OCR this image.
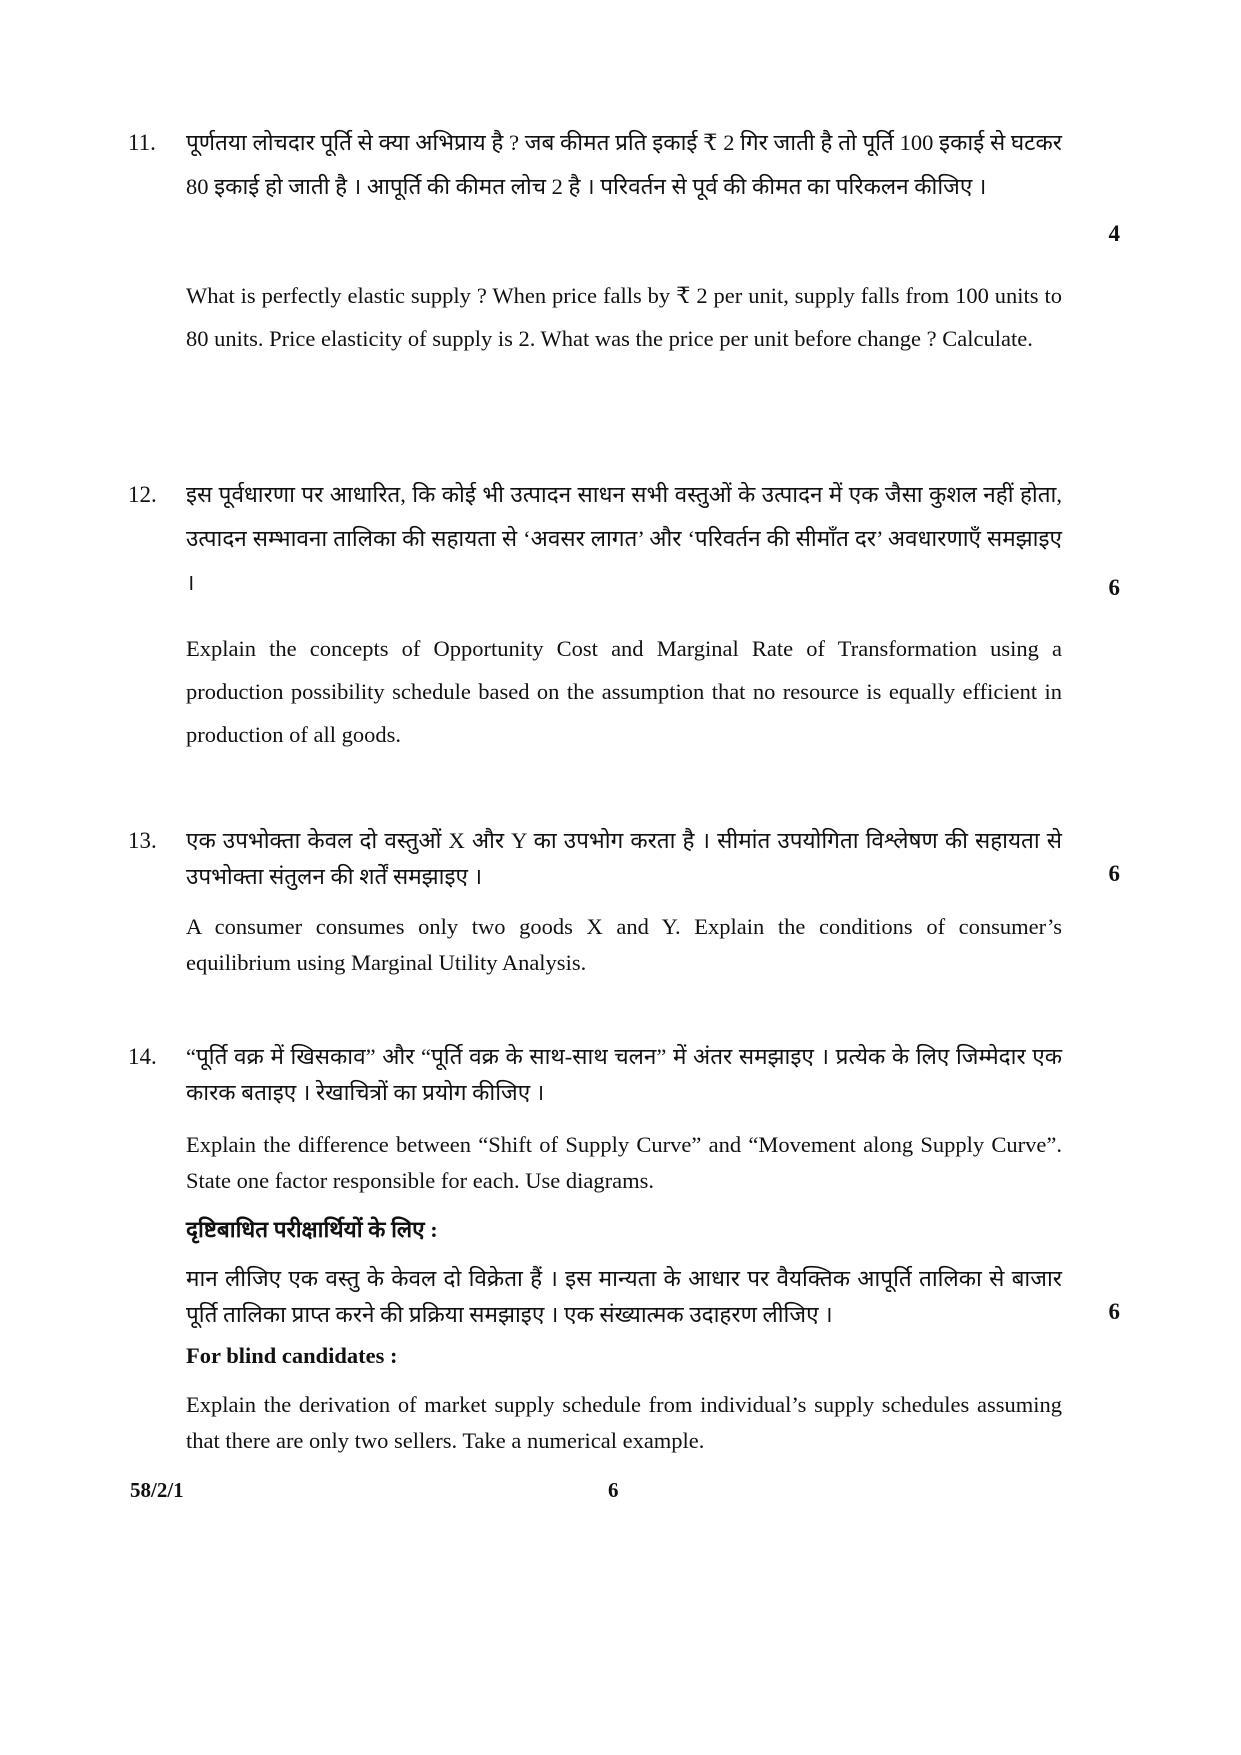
11. पूर्णतया लोचदार पूर्ति से क्या अभिप्राय है ? जब कीमत प्रति इकाई ₹ 2 गिर जाती है तो पूर्ति 100 इकाई से घटकर 80 इकाई हो जाती है । आपूर्ति की कीमत लोच 2 है । परिवर्तन से पूर्व की कीमत का परिकलन कीजिए ।
4
What is perfectly elastic supply ? When price falls by ₹ 2 per unit, supply falls from 100 units to 80 units. Price elasticity of supply is 2. What was the price per unit before change ? Calculate.
12. इस पूर्वधारणा पर आधारित, कि कोई भी उत्पादन साधन सभी वस्तुओं के उत्पादन में एक जैसा कुशल नहीं होता, उत्पादन सम्भावना तालिका की सहायता से ‘अवसर लागत’ और ‘परिवर्तन की सीमाँत दर’ अवधारणाएँ समझाइए ।	6
Explain the concepts of Opportunity Cost and Marginal Rate of Transformation using a production possibility schedule based on the assumption that no resource is equally efficient in production of all goods.
13. एक उपभोक्ता केवल दो वस्तुओं X और Y का उपभोग करता है । सीमांत उपयोगिता विश्लेषण की सहायता से उपभोक्ता संतुलन की शर्तें समझाइए ।	6
A consumer consumes only two goods X and Y. Explain the conditions of consumer’s equilibrium using Marginal Utility Analysis.
14. “पूर्ति वक्र में खिसकाव” और “पूर्ति वक्र के साथ-साथ चलन” में अंतर समझाइए । प्रत्येक के लिए जिम्मेदार एक कारक बताइए । रेखाचित्रों का प्रयोग कीजिए ।
Explain the difference between “Shift of Supply Curve” and “Movement along Supply Curve”. State one factor responsible for each. Use diagrams.
दृष्टिबाधित परीक्षार्थियों के लिए :
मान लीजिए एक वस्तु के केवल दो विक्रेता हैं । इस मान्यता के आधार पर वैयक्तिक आपूर्ति तालिका से बाजार पूर्ति तालिका प्राप्त करने की प्रक्रिया समझाइए । एक संख्यात्मक उदाहरण लीजिए ।	6
For blind candidates :
Explain the derivation of market supply schedule from individual’s supply schedules assuming that there are only two sellers. Take a numerical example.
58/2/1	6
